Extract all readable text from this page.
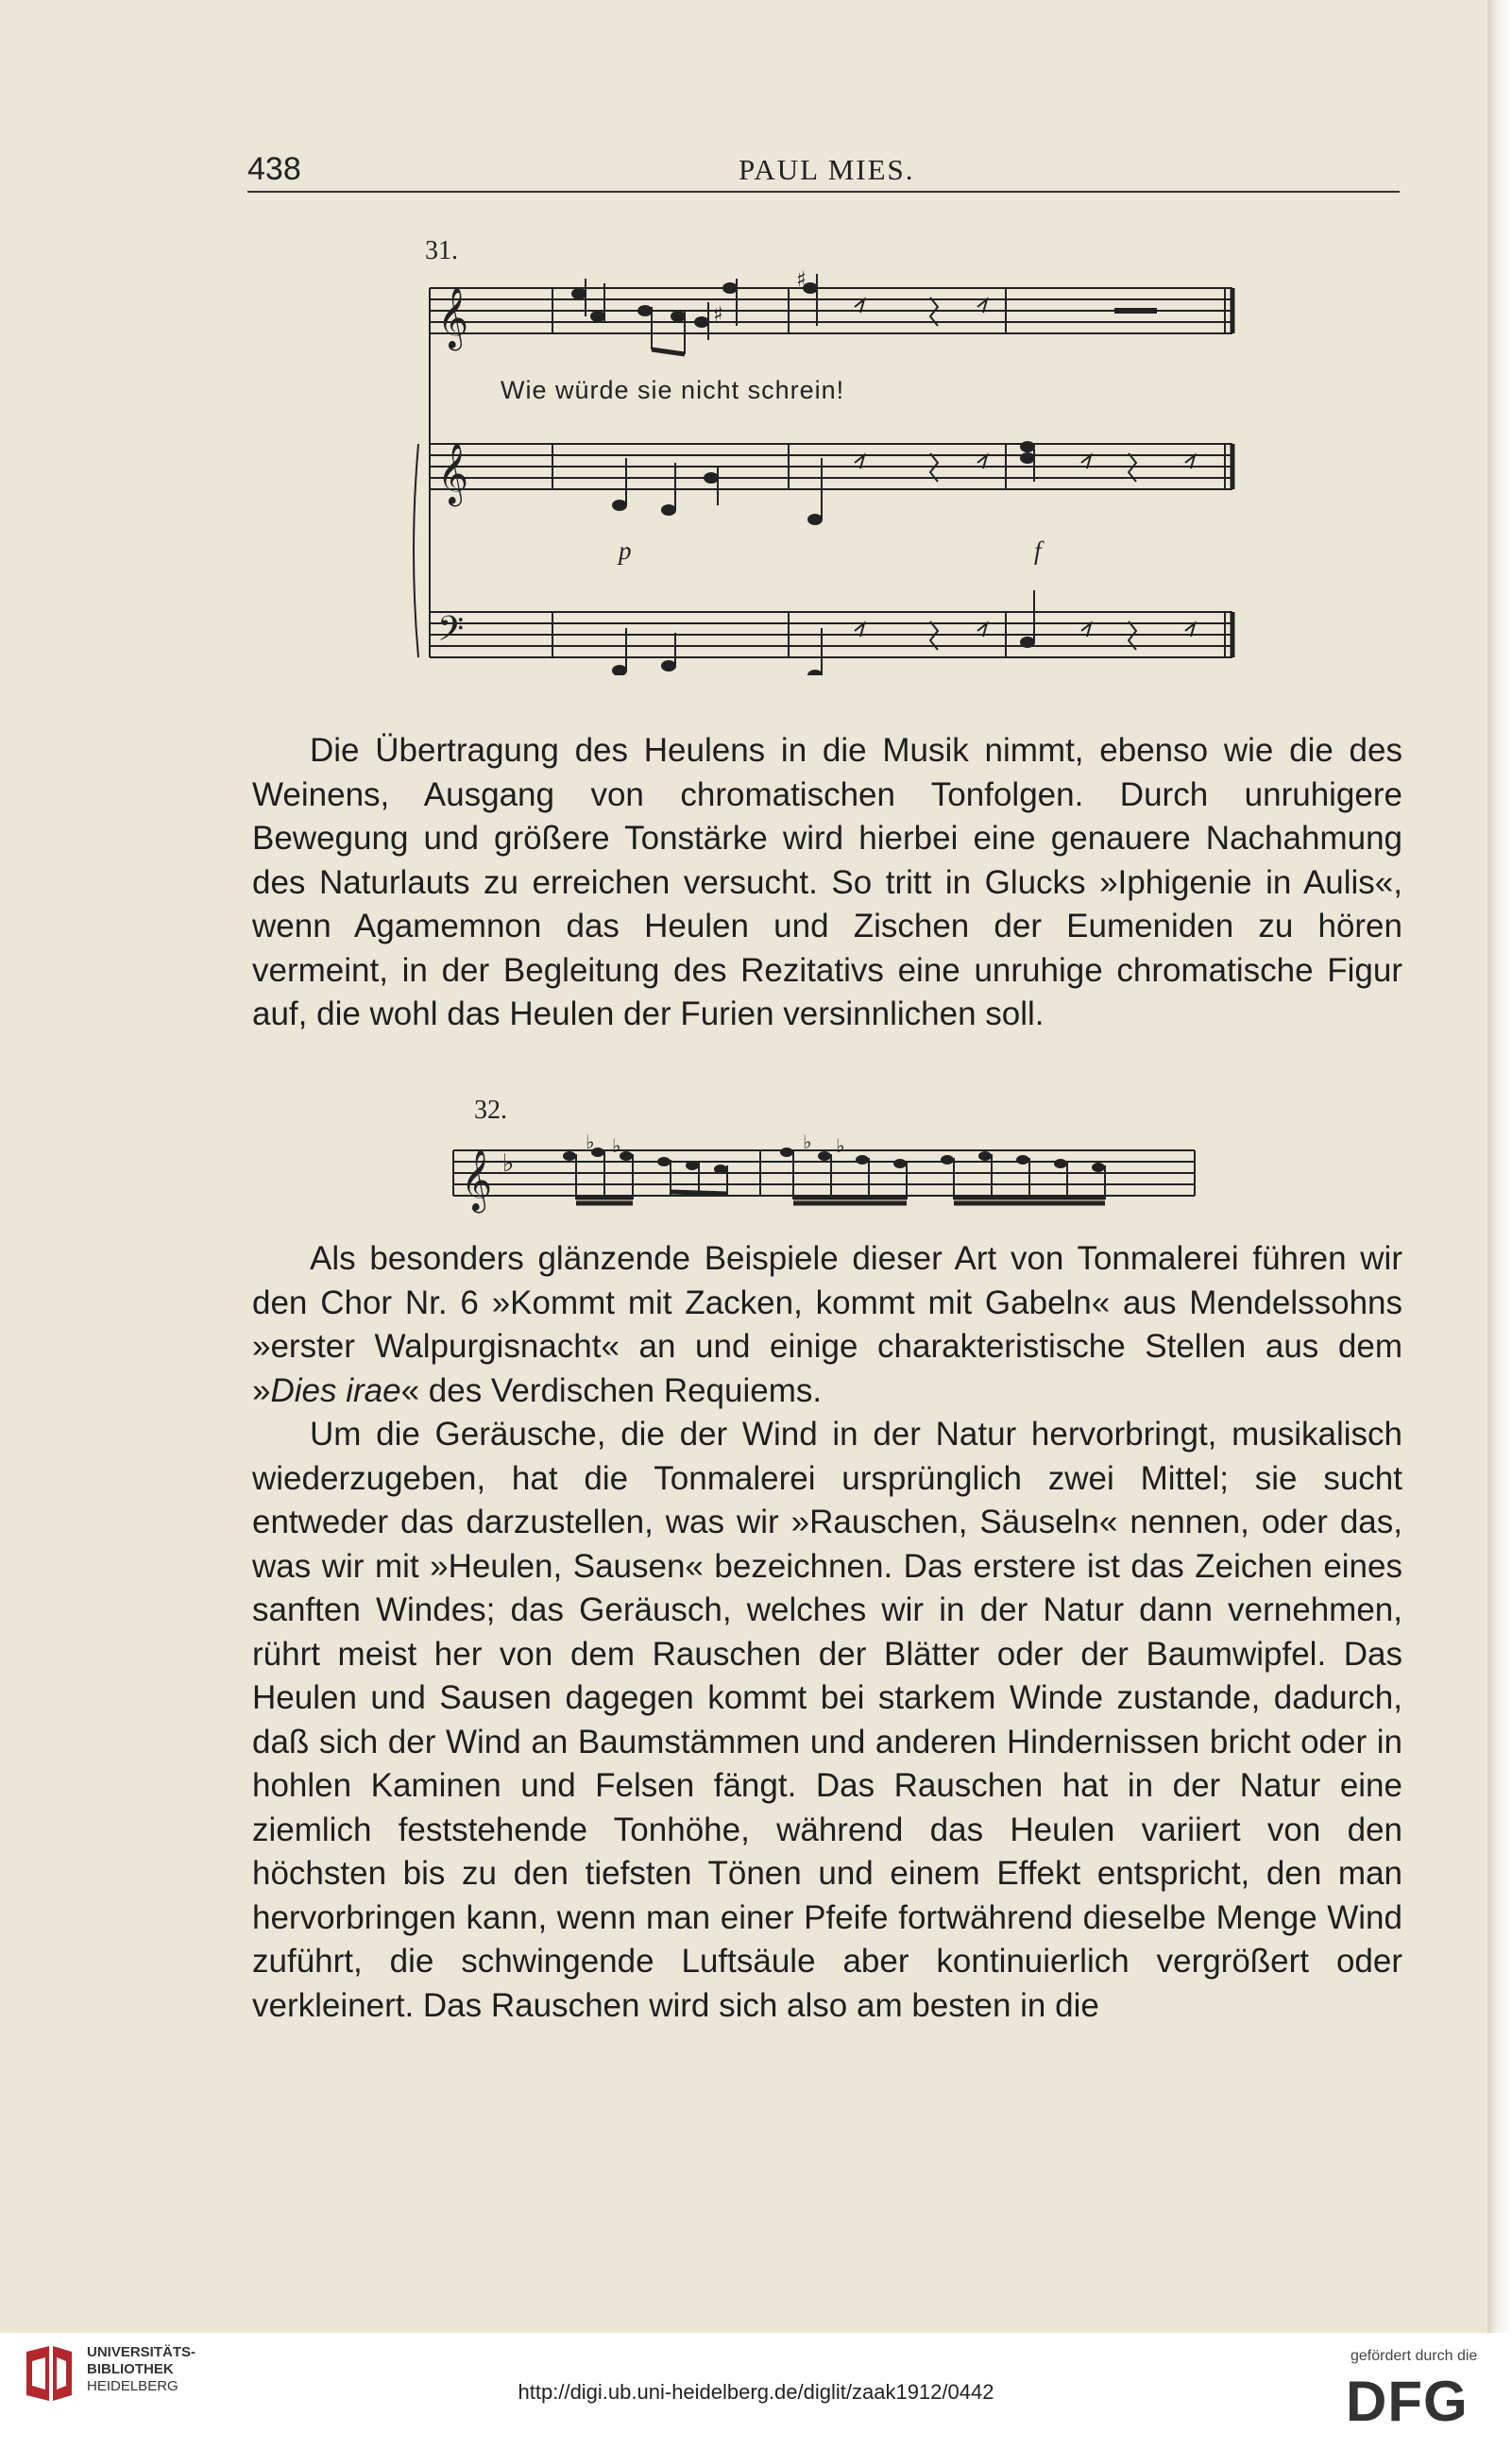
438	PAUL MIES.
31.
𝄞
𝄞
𝄢
♯
♯
Wie würde sie nicht schrein!
p	f

Die Übertragung des Heulens in die Musik nimmt, ebenso wie die des Weinens, Ausgang von chromatischen Tonfolgen. Durch unruhigere Bewegung und größere Tonstärke wird hierbei eine genauere Nachahmung des Naturlauts zu erreichen versucht. So tritt in Glucks »Iphigenie in Aulis«, wenn Agamemnon das Heulen und Zischen der Eumeniden zu hören vermeint, in der Begleitung des Rezitativs eine unruhige chromatische Figur auf, die wohl das Heulen der Furien versinnlichen soll.

32.
𝄞 ♭
♭ ♭	♭ ♭

Als besonders glänzende Beispiele dieser Art von Tonmalerei führen wir den Chor Nr. 6 »Kommt mit Zacken, kommt mit Gabeln« aus Mendelssohns »erster Walpurgisnacht« an und einige charakteristische Stellen aus dem »Dies irae« des Verdischen Requiems.

Um die Geräusche, die der Wind in der Natur hervorbringt, musikalisch wiederzugeben, hat die Tonmalerei ursprünglich zwei Mittel; sie sucht entweder das darzustellen, was wir »Rauschen, Säuseln« nennen, oder das, was wir mit »Heulen, Sausen« bezeichnen. Das erstere ist das Zeichen eines sanften Windes; das Geräusch, welches wir in der Natur dann vernehmen, rührt meist her von dem Rauschen der Blätter oder der Baumwipfel. Das Heulen und Sausen dagegen kommt bei starkem Winde zustande, dadurch, daß sich der Wind an Baumstämmen und anderen Hindernissen bricht oder in hohlen Kaminen und Felsen fängt. Das Rauschen hat in der Natur eine ziemlich feststehende Tonhöhe, während das Heulen variiert von den höchsten bis zu den tiefsten Tönen und einem Effekt entspricht, den man hervorbringen kann, wenn man einer Pfeife fortwährend dieselbe Menge Wind zuführt, die schwingende Luftsäule aber kontinuierlich vergrößert oder verkleinert. Das Rauschen wird sich also am besten in die

UNIVERSITÄTS-
BIBLIOTHEK
HEIDELBERG	http://digi.ub.uni-heidelberg.de/diglit/zaak1912/0442
gefördert durch die
DFG
